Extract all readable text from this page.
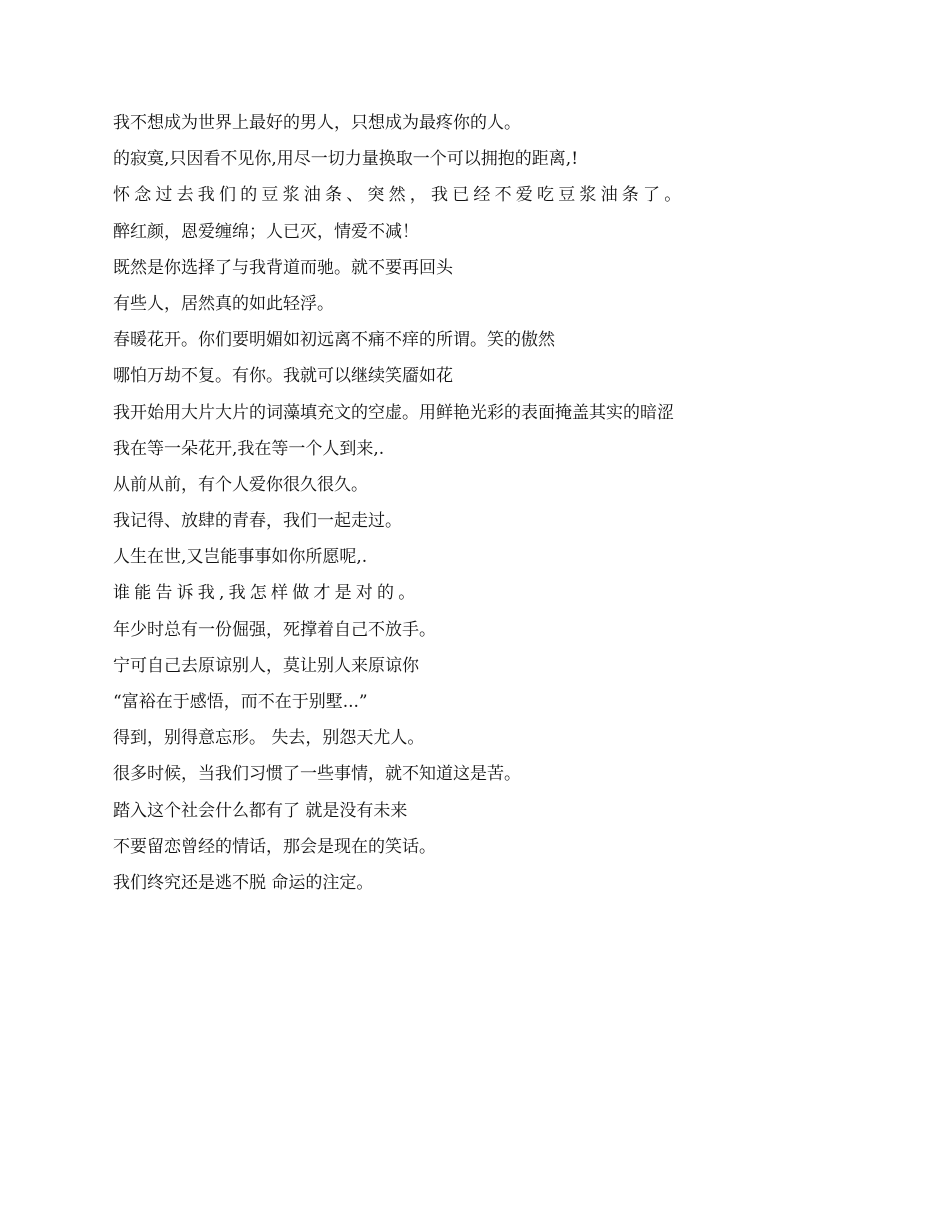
我不想成为世界上最好的男人，只想成为最疼你的人。
的寂寞,只因看不见你,用尽一切力量换取一个可以拥抱的距离,!
怀念过去我们的豆浆油条、突然，我已经不爱吃豆浆油条了。
醉红颜，恩爱缠绵；人已灭，情爱不减！
既然是你选择了与我背道而驰。就不要再回头
有些人，居然真的如此轻浮。
春暖花开。你们要明媚如初远离不痛不痒的所谓。笑的傲然
哪怕万劫不复。有你。我就可以继续笑靥如花
我开始用大片大片的词藻填充文的空虚。用鲜艳光彩的表面掩盖其实的暗涩
我在等一朵花开,我在等一个人到来,.
从前从前，有个人爱你很久很久。
我记得、放肆的青春，我们一起走过。
人生在世,又岂能事事如你所愿呢,.
谁能告诉我,我怎样做才是对的。
年少时总有一份倔强，死撑着自己不放手。
宁可自己去原谅别人，莫让别人来原谅你
“富裕在于感悟，而不在于别墅...”
得到，别得意忘形。 失去，别怨天尤人。
很多时候，当我们习惯了一些事情，就不知道这是苦。
踏入这个社会什么都有了 就是没有未来
不要留恋曾经的情话，那会是现在的笑话。
我们终究还是逃不脱 命运的注定。
